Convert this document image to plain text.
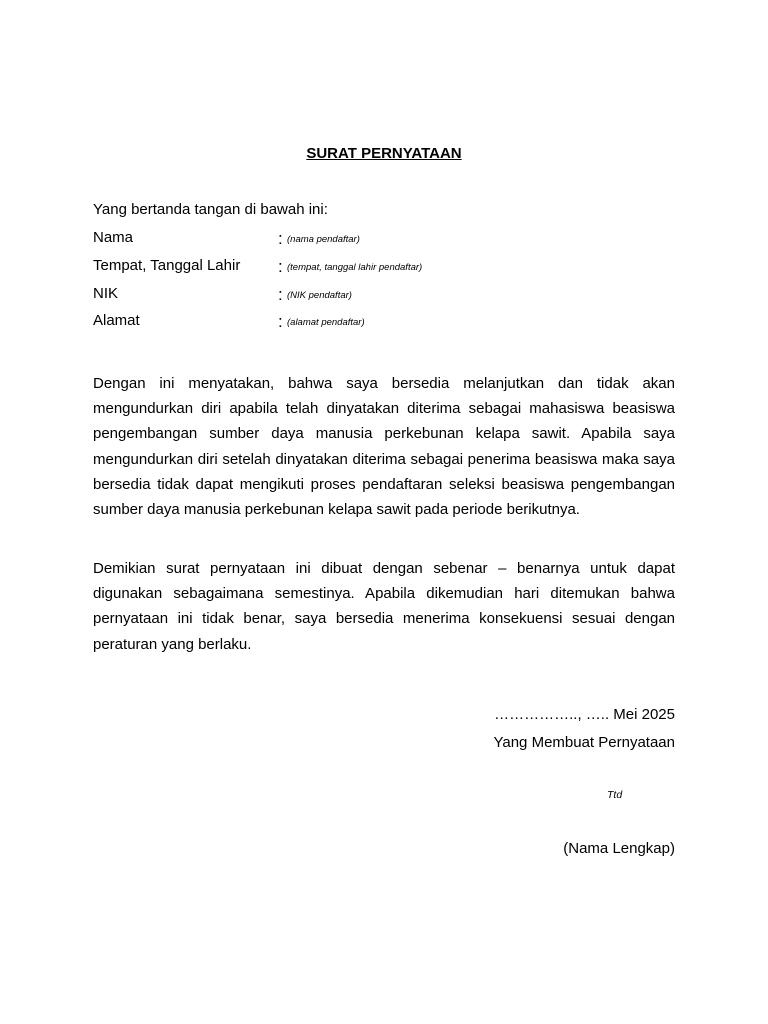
SURAT PERNYATAAN
Yang bertanda tangan di bawah ini:
Nama	: (nama pendaftar)
Tempat, Tanggal Lahir : (tempat, tanggal lahir pendaftar)
NIK	: (NIK pendaftar)
Alamat	: (alamat pendaftar)

Dengan ini menyatakan, bahwa saya bersedia melanjutkan dan tidak akan mengundurkan diri apabila telah dinyatakan diterima sebagai mahasiswa beasiswa pengembangan sumber daya manusia perkebunan kelapa sawit. Apabila saya mengundurkan diri setelah dinyatakan diterima sebagai penerima beasiswa maka saya bersedia tidak dapat mengikuti proses pendaftaran seleksi beasiswa pengembangan sumber daya manusia perkebunan kelapa sawit pada periode berikutnya.

Demikian surat pernyataan ini dibuat dengan sebenar – benarnya untuk dapat digunakan sebagaimana semestinya. Apabila dikemudian hari ditemukan bahwa pernyataan ini tidak benar, saya bersedia menerima konsekuensi sesuai dengan peraturan yang berlaku.

…………….., ….. Mei 2025
Yang Membuat Pernyataan
Ttd
(Nama Lengkap)
